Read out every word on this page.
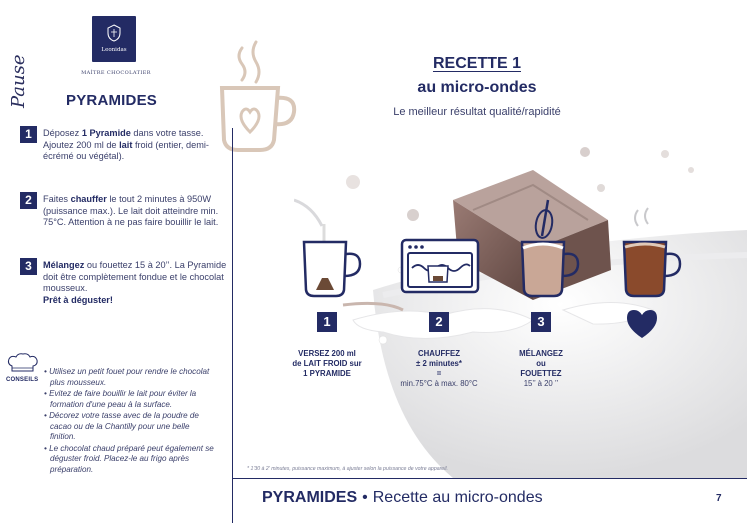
Leonidas
MAÎTRE CHOCOLATIER
Pause	PYRAMIDES
1	Déposez 1 Pyramide dans votre tasse.
Ajoutez 200 ml de lait froid (entier, demi-écrémé ou végétal).
2	Faites chauffer le tout 2 minutes à 950W (puissance max.). Le lait doit atteindre min. 75°C. Attention à ne pas faire bouillir le lait.
3	Mélangez ou fouettez 15 à 20’’. La Pyramide doit être complètement fondue et le chocolat mousseux.
Prêt à déguster!
CONSEILS
• Utilisez un petit fouet pour rendre le chocolat plus mousseux.
• Evitez de faire bouillir le lait pour éviter la formation d'une peau à la surface.
• Décorez votre tasse avec de la poudre de cacao ou de la Chantilly pour une belle finition.
• Le chocolat chaud préparé peut également se déguster froid. Placez-le au frigo après préparation.
RECETTE 1
au micro-ondes
Le meilleur résultat qualité/rapidité
1	2	3
VERSEZ 200 ml
de LAIT FROID sur
1 PYRAMIDE
CHAUFFEZ
± 2 minutes*
=
min.75°C à max. 80°C
MÉLANGEZ
ou
FOUETTEZ
15’’ à 20 ’’
* 1'30 à 2' minutes, puissance maximum, à ajuster selon la puissance de votre appareil.
PYRAMIDES • Recette au micro-ondes	7
